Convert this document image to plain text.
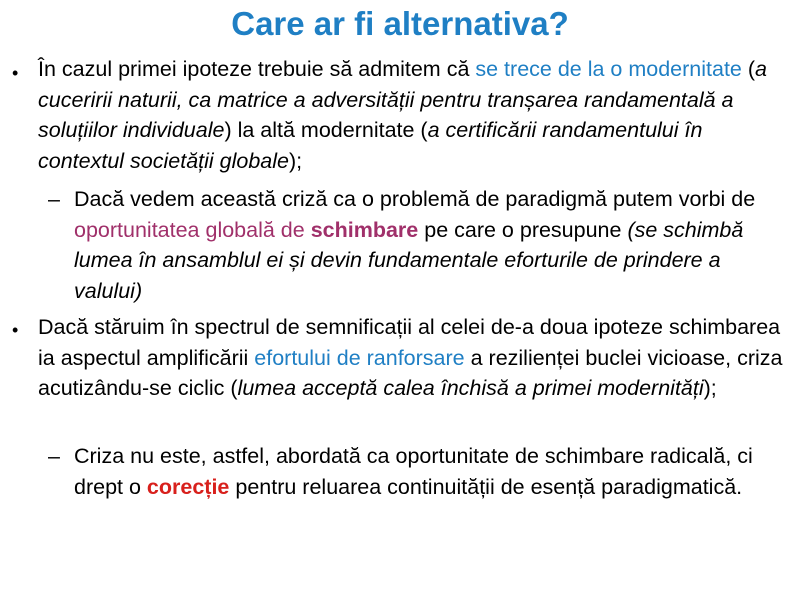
Care ar fi alternativa?
• În cazul primei ipoteze trebuie să admitem că se trece de la o modernitate (a cuceririi naturii, ca matrice a adversității pentru tranșarea randamentală a soluțiilor individuale) la altă modernitate (a certificării randamentului în contextul societății globale);
– Dacă vedem această criză ca o problemă de paradigmă putem vorbi de oportunitatea globală de schimbare pe care o presupune (se schimbă lumea în ansamblul ei și devin fundamentale eforturile de prindere a valului)
• Dacă stăruim în spectrul de semnificații al celei de-a doua ipoteze schimbarea ia aspectul amplificării efortului de ranforsare a rezilienței buclei vicioase, criza acutizându-se ciclic (lumea acceptă calea închisă a primei modernități);
– Criza nu este, astfel, abordată ca oportunitate de schimbare radicală, ci drept o corecție pentru reluarea continuității de esență paradigmatică.
